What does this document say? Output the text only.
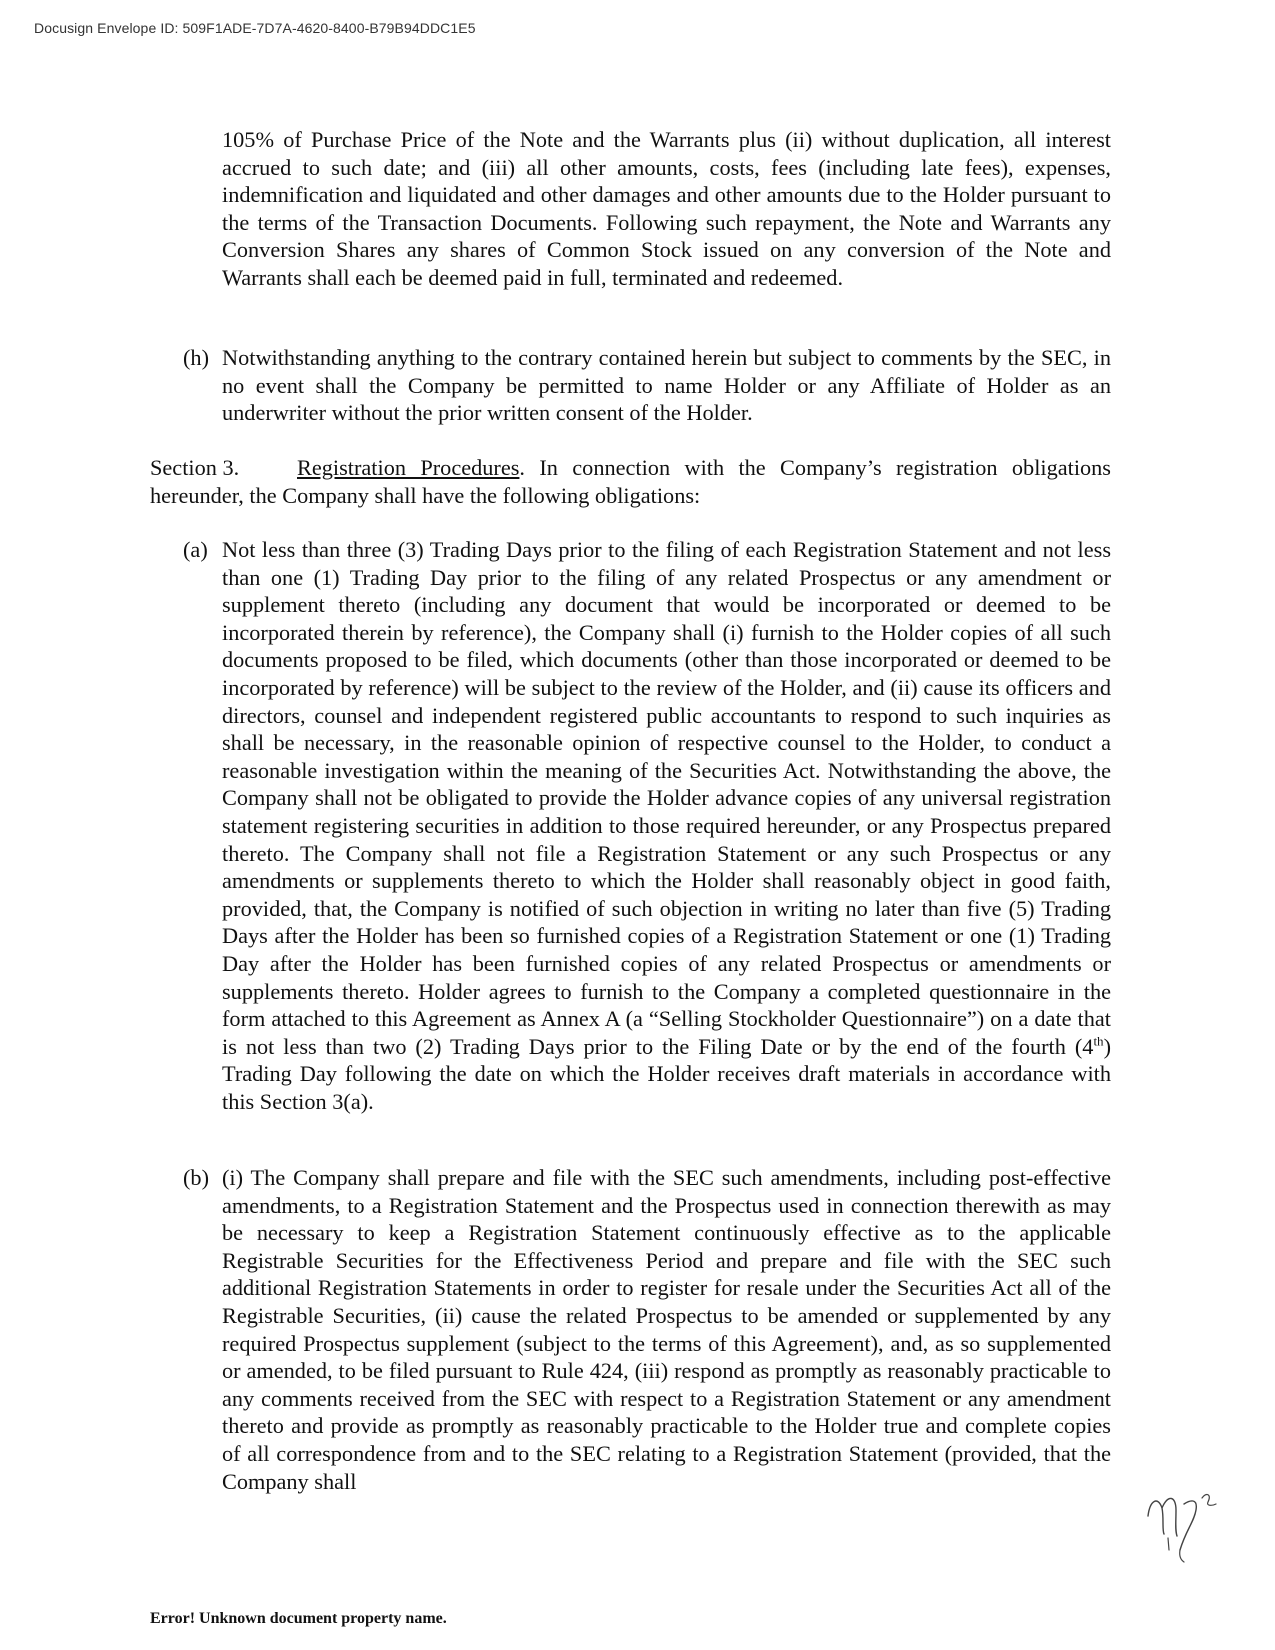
Docusign Envelope ID: 509F1ADE-7D7A-4620-8400-B79B94DDC1E5

105% of Purchase Price of the Note and the Warrants plus (ii) without duplication, all interest accrued to such date; and (iii) all other amounts, costs, fees (including late fees), expenses, indemnification and liquidated and other damages and other amounts due to the Holder pursuant to the terms of the Transaction Documents. Following such repayment, the Note and Warrants any Conversion Shares any shares of Common Stock issued on any conversion of the Note and Warrants shall each be deemed paid in full, terminated and redeemed.

(h) Notwithstanding anything to the contrary contained herein but subject to comments by the SEC, in no event shall the Company be permitted to name Holder or any Affiliate of Holder as an underwriter without the prior written consent of the Holder.
Section 3.	Registration Procedures. In connection with the Company’s registration obligations hereunder, the Company shall have the following obligations:
(a) Not less than three (3) Trading Days prior to the filing of each Registration Statement and not less than one (1) Trading Day prior to the filing of any related Prospectus or any amendment or supplement thereto (including any document that would be incorporated or deemed to be incorporated therein by reference), the Company shall (i) furnish to the Holder copies of all such documents proposed to be filed, which documents (other than those incorporated or deemed to be incorporated by reference) will be subject to the review of the Holder, and (ii) cause its officers and directors, counsel and independent registered public accountants to respond to such inquiries as shall be necessary, in the reasonable opinion of respective counsel to the Holder, to conduct a reasonable investigation within the meaning of the Securities Act. Notwithstanding the above, the Company shall not be obligated to provide the Holder advance copies of any universal registration statement registering securities in addition to those required hereunder, or any Prospectus prepared thereto. The Company shall not file a Registration Statement or any such Prospectus or any amendments or supplements thereto to which the Holder shall reasonably object in good faith, provided, that, the Company is notified of such objection in writing no later than five (5) Trading Days after the Holder has been so furnished copies of a Registration Statement or one (1) Trading Day after the Holder has been furnished copies of any related Prospectus or amendments or supplements thereto. Holder agrees to furnish to the Company a completed questionnaire in the form attached to this Agreement as Annex A (a “Selling Stockholder Questionnaire”) on a date that is not less than two (2) Trading Days prior to the Filing Date or by the end of the fourth (4th) Trading Day following the date on which the Holder receives draft materials in accordance with this Section 3(a).
(b) (i) The Company shall prepare and file with the SEC such amendments, including post-effective amendments, to a Registration Statement and the Prospectus used in connection therewith as may be necessary to keep a Registration Statement continuously effective as to the applicable Registrable Securities for the Effectiveness Period and prepare and file with the SEC such additional Registration Statements in order to register for resale under the Securities Act all of the Registrable Securities, (ii) cause the related Prospectus to be amended or supplemented by any required Prospectus supplement (subject to the terms of this Agreement), and, as so supplemented or amended, to be filed pursuant to Rule 424, (iii) respond as promptly as reasonably practicable to any comments received from the SEC with respect to a Registration Statement or any amendment thereto and provide as promptly as reasonably practicable to the Holder true and complete copies of all correspondence from and to the SEC relating to a Registration Statement (provided, that the Company shall
Error! Unknown document property name.
